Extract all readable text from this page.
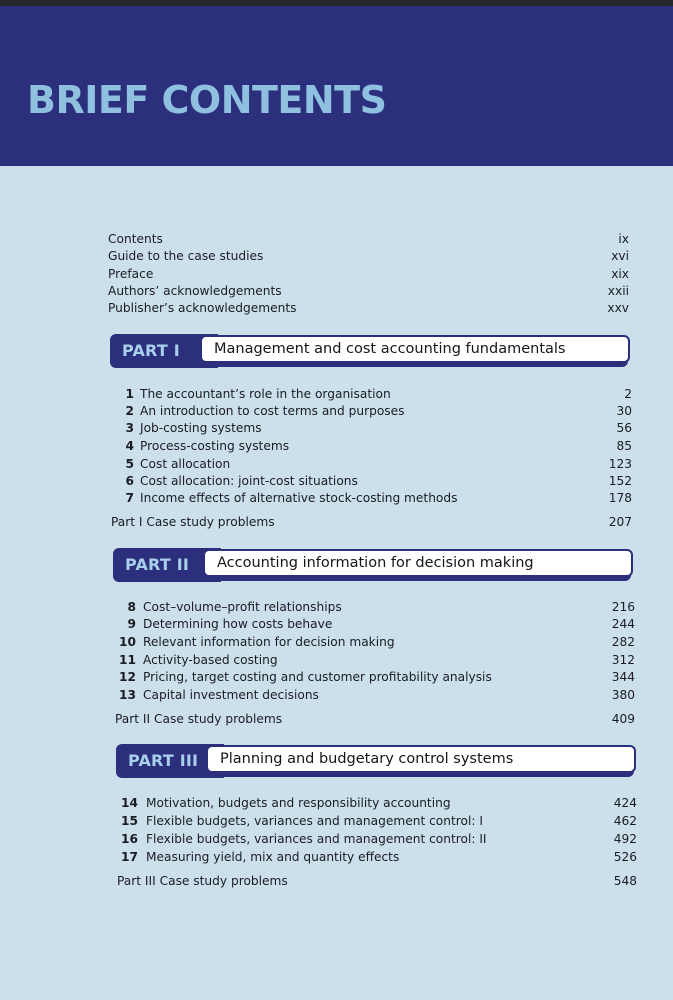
BRIEF CONTENTS
Contents	ix
Guide to the case studies	xvi
Preface	xix
Authors’ acknowledgements	xxii
Publisher’s acknowledgements	xxv
PART I	Management and cost accounting fundamentals
1 The accountant’s role in the organisation	2
2 An introduction to cost terms and purposes	30
3 Job-costing systems	56
4 Process-costing systems	85
5 Cost allocation	123
6 Cost allocation: joint-cost situations	152
7 Income effects of alternative stock-costing methods	178
Part I Case study problems	207
PART II	Accounting information for decision making
8 Cost–volume–profit relationships	216
9 Determining how costs behave	244
10 Relevant information for decision making	282
11 Activity-based costing	312
12 Pricing, target costing and customer profitability analysis	344
13 Capital investment decisions	380
Part II Case study problems	409
PART III	Planning and budgetary control systems
14 Motivation, budgets and responsibility accounting	424
15 Flexible budgets, variances and management control: I	462
16 Flexible budgets, variances and management control: II	492
17 Measuring yield, mix and quantity effects	526
Part III Case study problems	548
